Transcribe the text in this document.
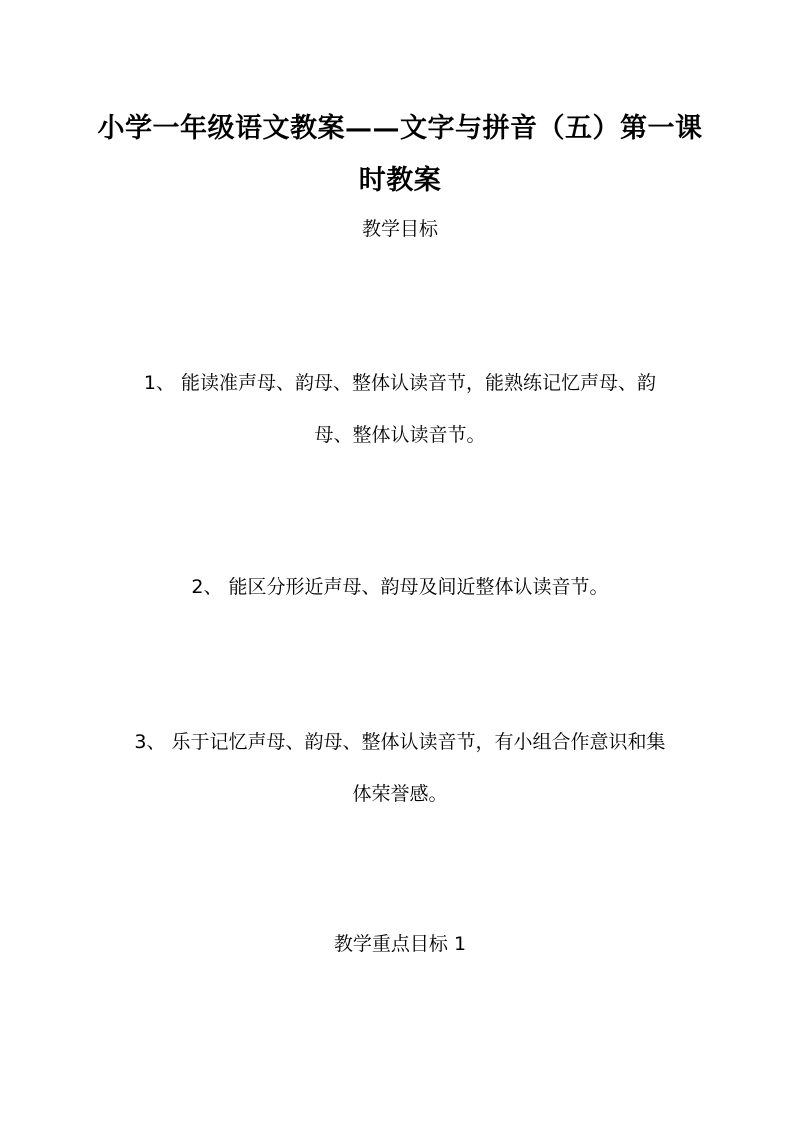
小学一年级语文教案——文字与拼音（五）第一课
时教案
教学目标
1、 能读准声母、韵母、整体认读音节，能熟练记忆声母、韵
母、整体认读音节。
2、 能区分形近声母、韵母及间近整体认读音节。
3、 乐于记忆声母、韵母、整体认读音节，有小组合作意识和集
体荣誉感。
教学重点目标 1
